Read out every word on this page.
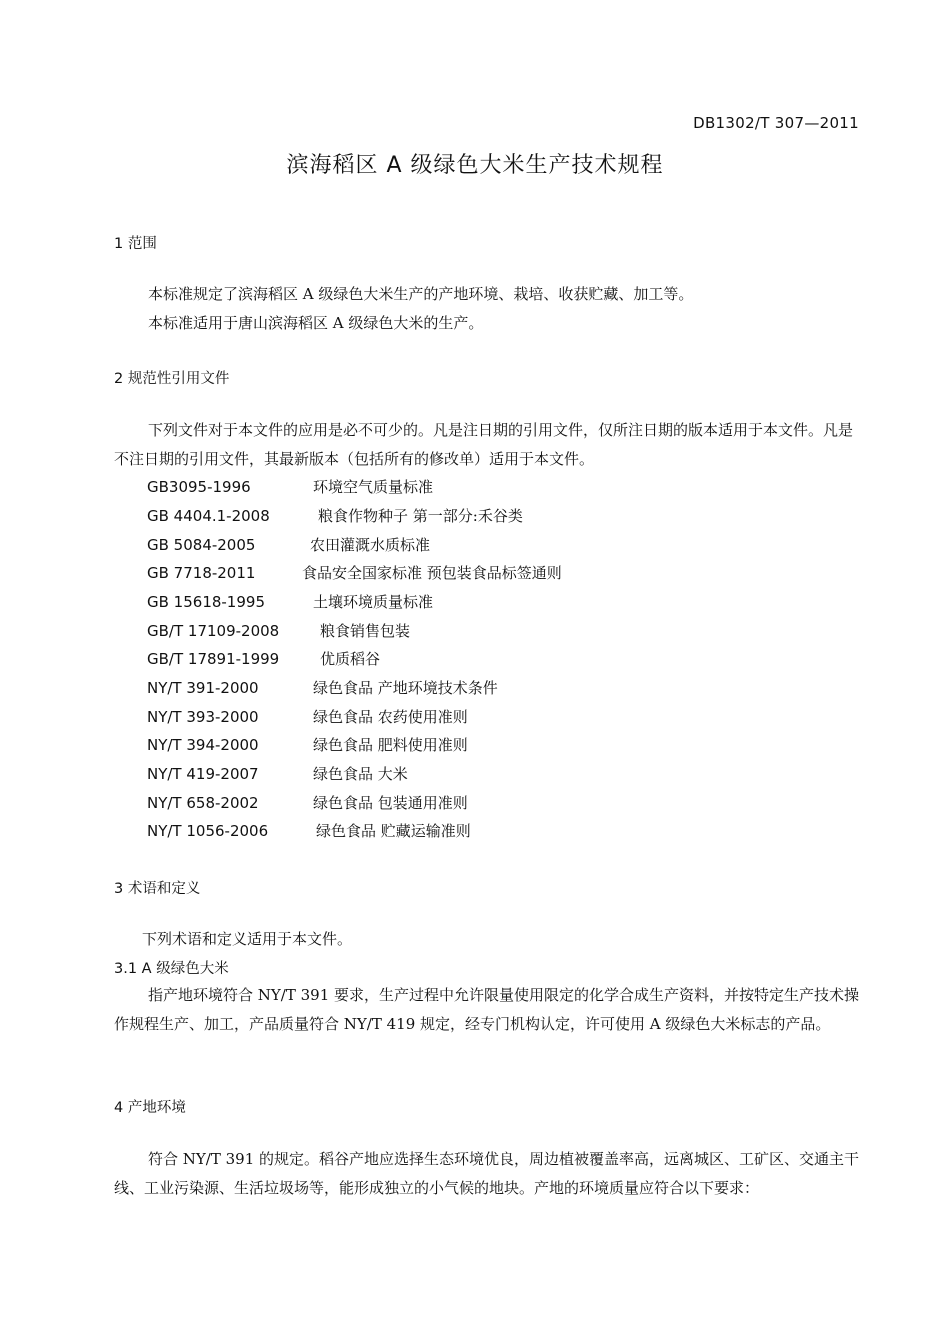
DB1302/T 307—2011
滨海稻区 A 级绿色大米生产技术规程
1 范围
本标准规定了滨海稻区 A 级绿色大米生产的产地环境、栽培、收获贮藏、加工等。
本标准适用于唐山滨海稻区 A 级绿色大米的生产。
2 规范性引用文件
下列文件对于本文件的应用是必不可少的。凡是注日期的引用文件，仅所注日期的版本适用于本文件。凡是不注日期的引用文件，其最新版本（包括所有的修改单）适用于本文件。
GB3095-1996	环境空气质量标准
GB 4404.1-2008	粮食作物种子 第一部分:禾谷类
GB 5084-2005	农田灌溉水质标准
GB 7718-2011	食品安全国家标准 预包装食品标签通则
GB 15618-1995	土壤环境质量标准
GB/T 17109-2008	粮食销售包装
GB/T 17891-1999	优质稻谷
NY/T 391-2000	绿色食品 产地环境技术条件
NY/T 393-2000	绿色食品 农药使用准则
NY/T 394-2000	绿色食品 肥料使用准则
NY/T 419-2007	绿色食品 大米
NY/T 658-2002	绿色食品 包装通用准则
NY/T 1056-2006	绿色食品 贮藏运输准则
3 术语和定义
下列术语和定义适用于本文件。
3.1 A 级绿色大米
指产地环境符合 NY/T 391 要求，生产过程中允许限量使用限定的化学合成生产资料，并按特定生产技术操作规程生产、加工，产品质量符合 NY/T 419 规定，经专门机构认定，许可使用 A 级绿色大米标志的产品。
4 产地环境
符合 NY/T 391 的规定。稻谷产地应选择生态环境优良，周边植被覆盖率高，远离城区、工矿区、交通主干线、工业污染源、生活垃圾场等，能形成独立的小气候的地块。产地的环境质量应符合以下要求：
